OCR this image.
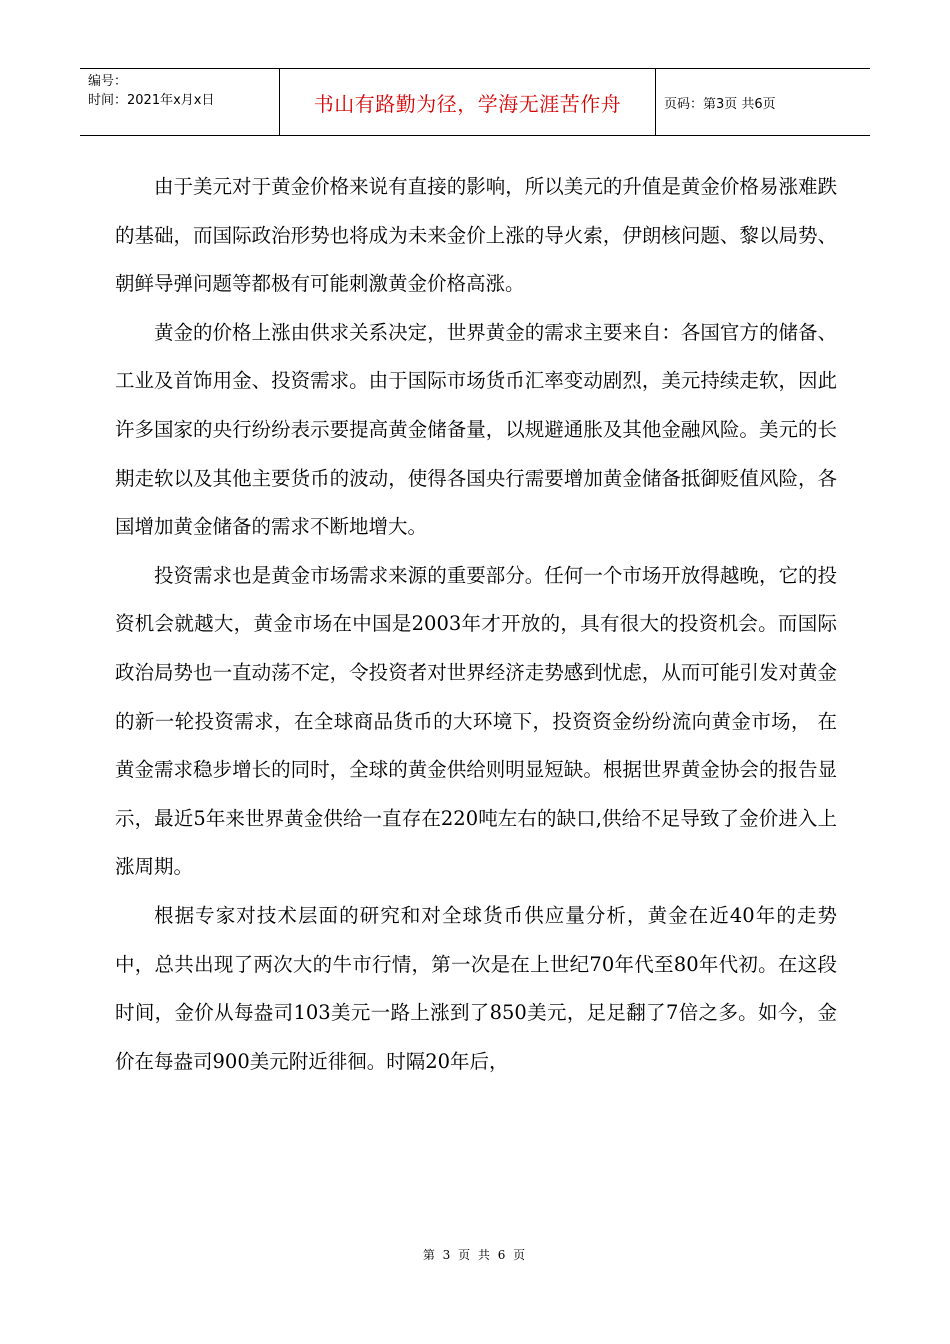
编号：
时间：2021年x月x日	书山有路勤为径，学海无涯苦作舟	页码：第3页 共6页

由于美元对于黄金价格来说有直接的影响，所以美元的升值是黄金价格易涨难跌的基础，而国际政治形势也将成为未来金价上涨的导火索，伊朗核问题、黎以局势、朝鲜导弹问题等都极有可能刺激黄金价格高涨。

黄金的价格上涨由供求关系决定，世界黄金的需求主要来自：各国官方的储备、工业及首饰用金、投资需求。由于国际市场货币汇率变动剧烈，美元持续走软，因此许多国家的央行纷纷表示要提高黄金储备量，以规避通胀及其他金融风险。美元的长期走软以及其他主要货币的波动，使得各国央行需要增加黄金储备抵御贬值风险，各国增加黄金储备的需求不断地增大。

投资需求也是黄金市场需求来源的重要部分。任何一个市场开放得越晚，它的投资机会就越大，黄金市场在中国是2003年才开放的，具有很大的投资机会。而国际政治局势也一直动荡不定，令投资者对世界经济走势感到忧虑，从而可能引发对黄金的新一轮投资需求，在全球商品货币的大环境下，投资资金纷纷流向黄金市场， 在黄金需求稳步增长的同时，全球的黄金供给则明显短缺。根据世界黄金协会的报告显示，最近5年来世界黄金供给一直存在220吨左右的缺口,供给不足导致了金价进入上涨周期。

根据专家对技术层面的研究和对全球货币供应量分析，黄金在近40年的走势中，总共出现了两次大的牛市行情，第一次是在上世纪70年代至80年代初。在这段时间，金价从每盎司103美元一路上涨到了850美元，足足翻了7倍之多。如今，金价在每盎司900美元附近徘徊。时隔20年后，

第 3 页 共 6 页
